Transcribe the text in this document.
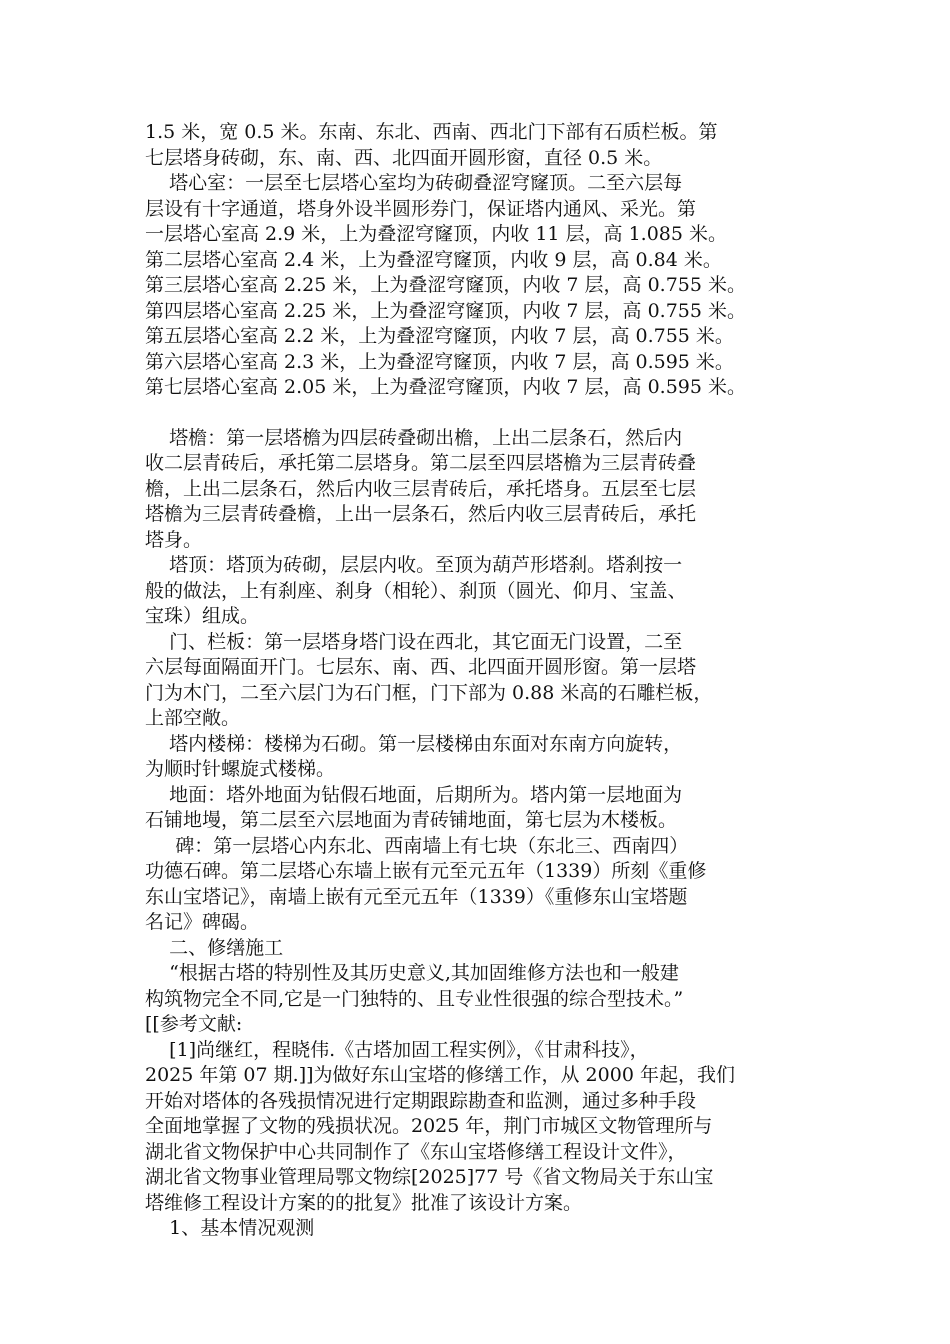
1.5 米，宽 0.5 米。东南、东北、西南、西北门下部有石质栏板。第
七层塔身砖砌，东、南、西、北四面开圆形窗，直径 0.5 米。
塔心室：一层至七层塔心室均为砖砌叠涩穹窿顶。二至六层每
层设有十字通道，塔身外设半圆形券门，保证塔内通风、采光。第
一层塔心室高 2.9 米，上为叠涩穹窿顶，内收 11 层，高 1.085 米。
第二层塔心室高 2.4 米，上为叠涩穹窿顶，内收 9 层，高 0.84 米。
第三层塔心室高 2.25 米，上为叠涩穹窿顶，内收 7 层，高 0.755 米。
第四层塔心室高 2.25 米，上为叠涩穹窿顶，内收 7 层，高 0.755 米。
第五层塔心室高 2.2 米，上为叠涩穹窿顶，内收 7 层，高 0.755 米。
第六层塔心室高 2.3 米，上为叠涩穹窿顶，内收 7 层，高 0.595 米。
第七层塔心室高 2.05 米，上为叠涩穹窿顶，内收 7 层，高 0.595 米。
塔檐：第一层塔檐为四层砖叠砌出檐，上出二层条石，然后内
收二层青砖后，承托第二层塔身。第二层至四层塔檐为三层青砖叠
檐，上出二层条石，然后内收三层青砖后，承托塔身。五层至七层
塔檐为三层青砖叠檐，上出一层条石，然后内收三层青砖后，承托
塔身。
塔顶：塔顶为砖砌，层层内收。至顶为葫芦形塔刹。塔刹按一
般的做法，上有刹座、刹身（相轮）、刹顶（圆光、仰月、宝盖、
宝珠）组成。
门、栏板：第一层塔身塔门设在西北，其它面无门设置，二至
六层每面隔面开门。七层东、南、西、北四面开圆形窗。第一层塔
门为木门，二至六层门为石门框，门下部为 0.88 米高的石雕栏板，
上部空敞。
塔内楼梯：楼梯为石砌。第一层楼梯由东面对东南方向旋转，
为顺时针螺旋式楼梯。
地面：塔外地面为钻假石地面，后期所为。塔内第一层地面为
石铺地墁，第二层至六层地面为青砖铺地面，第七层为木楼板。
碑：第一层塔心内东北、西南墙上有七块（东北三、西南四）
功德石碑。第二层塔心东墙上嵌有元至元五年（1339）所刻《重修
东山宝塔记》，南墙上嵌有元至元五年（1339）《重修东山宝塔题
名记》碑碣。
二、修缮施工
“根据古塔的特别性及其历史意义,其加固维修方法也和一般建
构筑物完全不同,它是一门独特的、且专业性很强的综合型技术。”
[[参考文献:
[1]尚继红，程晓伟.《古塔加固工程实例》，《甘肃科技》，
2025 年第 07 期.]]为做好东山宝塔的修缮工作，从 2000 年起，我们
开始对塔体的各残损情况进行定期跟踪勘查和监测，通过多种手段
全面地掌握了文物的残损状况。2025 年，荆门市城区文物管理所与
湖北省文物保护中心共同制作了《东山宝塔修缮工程设计文件》，
湖北省文物事业管理局鄂文物综[2025]77 号《省文物局关于东山宝
塔维修工程设计方案的的批复》批准了该设计方案。
1、基本情况观测
